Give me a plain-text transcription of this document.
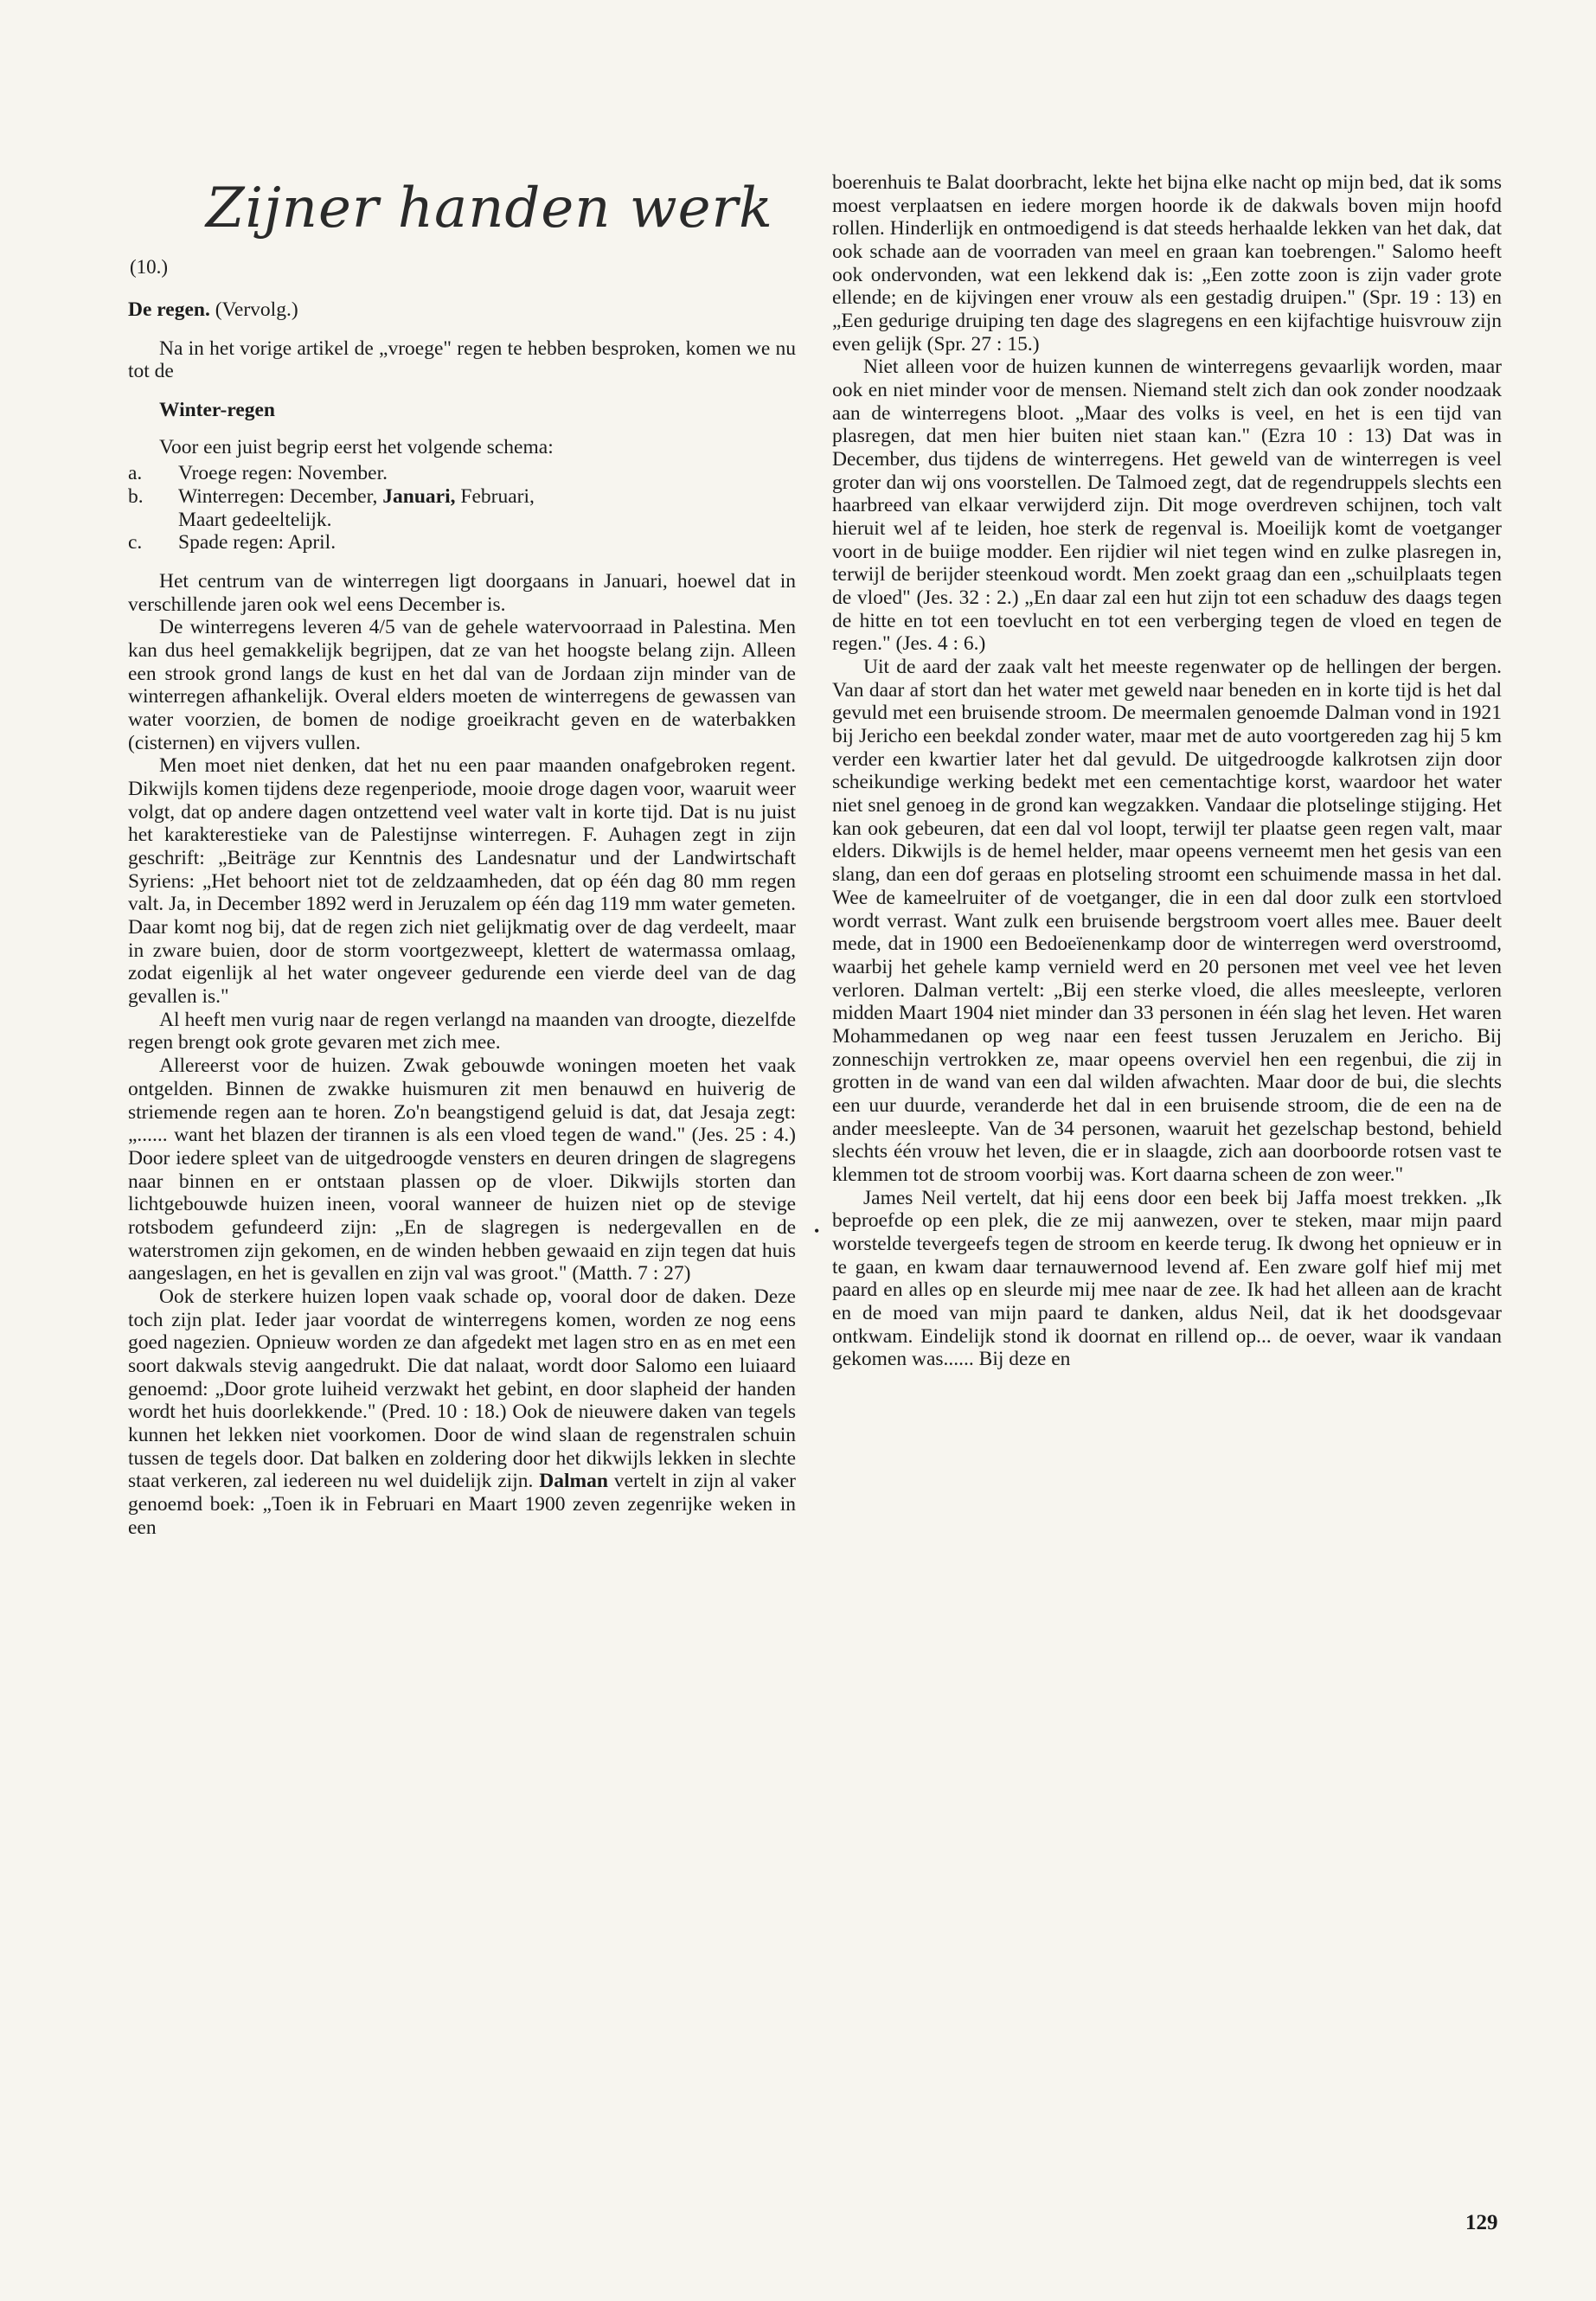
Zijner handen werk
(10.)

De regen. (Vervolg.)

Na in het vorige artikel de „vroege" regen te hebben besproken, komen we nu tot de

Winter-regen

Voor een juist begrip eerst het volgende schema:

a.	Vroege regen: November.
b.	Winterregen: December, Januari, Februari,
Maart gedeeltelijk.
c.	Spade regen: April.

Het centrum van de winterregen ligt doorgaans in Januari, hoewel dat in verschillende jaren ook wel eens December is.

De winterregens leveren 4/5 van de gehele watervoorraad in Palestina. Men kan dus heel gemakkelijk begrijpen, dat ze van het hoogste belang zijn. Alleen een strook grond langs de kust en het dal van de Jordaan zijn minder van de winterregen afhankelijk. Overal elders moeten de winterregens de gewassen van water voorzien, de bomen de nodige groeikracht geven en de waterbakken (cisternen) en vijvers vullen.

Men moet niet denken, dat het nu een paar maanden onafgebroken regent. Dikwijls komen tijdens deze regenperiode, mooie droge dagen voor, waaruit weer volgt, dat op andere dagen ontzettend veel water valt in korte tijd. Dat is nu juist het karakterestieke van de Palestijnse winterregen. F. Auhagen zegt in zijn geschrift: „Beiträge zur Kenntnis des Landesnatur und der Landwirtschaft Syriens: „Het behoort niet tot de zeldzaamheden, dat op één dag 80 mm regen valt. Ja, in December 1892 werd in Jeruzalem op één dag 119 mm water gemeten. Daar komt nog bij, dat de regen zich niet gelijkmatig over de dag verdeelt, maar in zware buien, door de storm voortgezweept, klettert de watermassa omlaag, zodat eigenlijk al het water ongeveer gedurende een vierde deel van de dag gevallen is."

Al heeft men vurig naar de regen verlangd na maanden van droogte, diezelfde regen brengt ook grote gevaren met zich mee.

Allereerst voor de huizen. Zwak gebouwde woningen moeten het vaak ontgelden. Binnen de zwakke huismuren zit men benauwd en huiverig de striemende regen aan te horen. Zo'n beangstigend geluid is dat, dat Jesaja zegt: „...... want het blazen der tirannen is als een vloed tegen de wand." (Jes. 25 : 4.) Door iedere spleet van de uitgedroogde vensters en deuren dringen de slagregens naar binnen en er ontstaan plassen op de vloer. Dikwijls storten dan lichtgebouwde huizen ineen, vooral wanneer de huizen niet op de stevige rotsbodem gefundeerd zijn: „En de slagregen is nedergevallen en de waterstromen zijn gekomen, en de winden hebben gewaaid en zijn tegen dat huis aangeslagen, en het is gevallen en zijn val was groot." (Matth. 7 : 27)

Ook de sterkere huizen lopen vaak schade op, vooral door de daken. Deze toch zijn plat. Ieder jaar voordat de winterregens komen, worden ze nog eens goed nagezien. Opnieuw worden ze dan afgedekt met lagen stro en as en met een soort dakwals stevig aangedrukt. Die dat nalaat, wordt door Salomo een luiaard genoemd: „Door grote luiheid verzwakt het gebint, en door slapheid der handen wordt het huis doorlekkende." (Pred. 10 : 18.) Ook de nieuwere daken van tegels kunnen het lekken niet voorkomen. Door de wind slaan de regenstralen schuin tussen de tegels door. Dat balken en zoldering door het dikwijls lekken in slechte staat verkeren, zal iedereen nu wel duidelijk zijn. Dalman vertelt in zijn al vaker genoemd boek: „Toen ik in Februari en Maart 1900 zeven zegenrijke weken in een

boerenhuis te Balat doorbracht, lekte het bijna elke nacht op mijn bed, dat ik soms moest verplaatsen en iedere morgen hoorde ik de dakwals boven mijn hoofd rollen. Hinderlijk en ontmoedigend is dat steeds herhaalde lekken van het dak, dat ook schade aan de voorraden van meel en graan kan toebrengen." Salomo heeft ook ondervonden, wat een lekkend dak is: „Een zotte zoon is zijn vader grote ellende; en de kijvingen ener vrouw als een gestadig druipen." (Spr. 19 : 13) en „Een gedurige druiping ten dage des slagregens en een kijfachtige huisvrouw zijn even gelijk (Spr. 27 : 15.)

Niet alleen voor de huizen kunnen de winterregens gevaarlijk worden, maar ook en niet minder voor de mensen. Niemand stelt zich dan ook zonder noodzaak aan de winterregens bloot. „Maar des volks is veel, en het is een tijd van plasregen, dat men hier buiten niet staan kan." (Ezra 10 : 13) Dat was in December, dus tijdens de winterregens. Het geweld van de winterregen is veel groter dan wij ons voorstellen. De Talmoed zegt, dat de regendruppels slechts een haarbreed van elkaar verwijderd zijn. Dit moge overdreven schijnen, toch valt hieruit wel af te leiden, hoe sterk de regenval is. Moeilijk komt de voetganger voort in de buiige modder. Een rijdier wil niet tegen wind en zulke plasregen in, terwijl de berijder steenkoud wordt. Men zoekt graag dan een „schuilplaats tegen de vloed" (Jes. 32 : 2.) „En daar zal een hut zijn tot een schaduw des daags tegen de hitte en tot een toevlucht en tot een verberging tegen de vloed en tegen de regen." (Jes. 4 : 6.)

Uit de aard der zaak valt het meeste regenwater op de hellingen der bergen. Van daar af stort dan het water met geweld naar beneden en in korte tijd is het dal gevuld met een bruisende stroom. De meermalen genoemde Dalman vond in 1921 bij Jericho een beekdal zonder water, maar met de auto voortgereden zag hij 5 km verder een kwartier later het dal gevuld. De uitgedroogde kalkrotsen zijn door scheikundige werking bedekt met een cementachtige korst, waardoor het water niet snel genoeg in de grond kan wegzakken. Vandaar die plotselinge stijging. Het kan ook gebeuren, dat een dal vol loopt, terwijl ter plaatse geen regen valt, maar elders. Dikwijls is de hemel helder, maar opeens verneemt men het gesis van een slang, dan een dof geraas en plotseling stroomt een schuimende massa in het dal. Wee de kameelruiter of de voetganger, die in een dal door zulk een stortvloed wordt verrast. Want zulk een bruisende bergstroom voert alles mee. Bauer deelt mede, dat in 1900 een Bedoeïenenkamp door de winterregen werd overstroomd, waarbij het gehele kamp vernield werd en 20 personen met veel vee het leven verloren. Dalman vertelt: „Bij een sterke vloed, die alles meesleepte, verloren midden Maart 1904 niet minder dan 33 personen in één slag het leven. Het waren Mohammedanen op weg naar een feest tussen Jeruzalem en Jericho. Bij zonneschijn vertrokken ze, maar opeens overviel hen een regenbui, die zij in grotten in de wand van een dal wilden afwachten. Maar door de bui, die slechts een uur duurde, veranderde het dal in een bruisende stroom, die de een na de ander meesleepte. Van de 34 personen, waaruit het gezelschap bestond, behield slechts één vrouw het leven, die er in slaagde, zich aan doorboorde rotsen vast te klemmen tot de stroom voorbij was. Kort daarna scheen de zon weer."

James Neil vertelt, dat hij eens door een beek bij Jaffa moest trekken. „Ik beproefde op een plek, die ze mij aanwezen, over te steken, maar mijn paard worstelde tevergeefs tegen de stroom en keerde terug. Ik dwong het opnieuw er in te gaan, en kwam daar ternauwernood levend af. Een zware golf hief mij met paard en alles op en sleurde mij mee naar de zee. Ik had het alleen aan de kracht en de moed van mijn paard te danken, aldus Neil, dat ik het doodsgevaar ontkwam. Eindelijk stond ik doornat en rillend op... de oever, waar ik vandaan gekomen was...... Bij deze en

•
129
